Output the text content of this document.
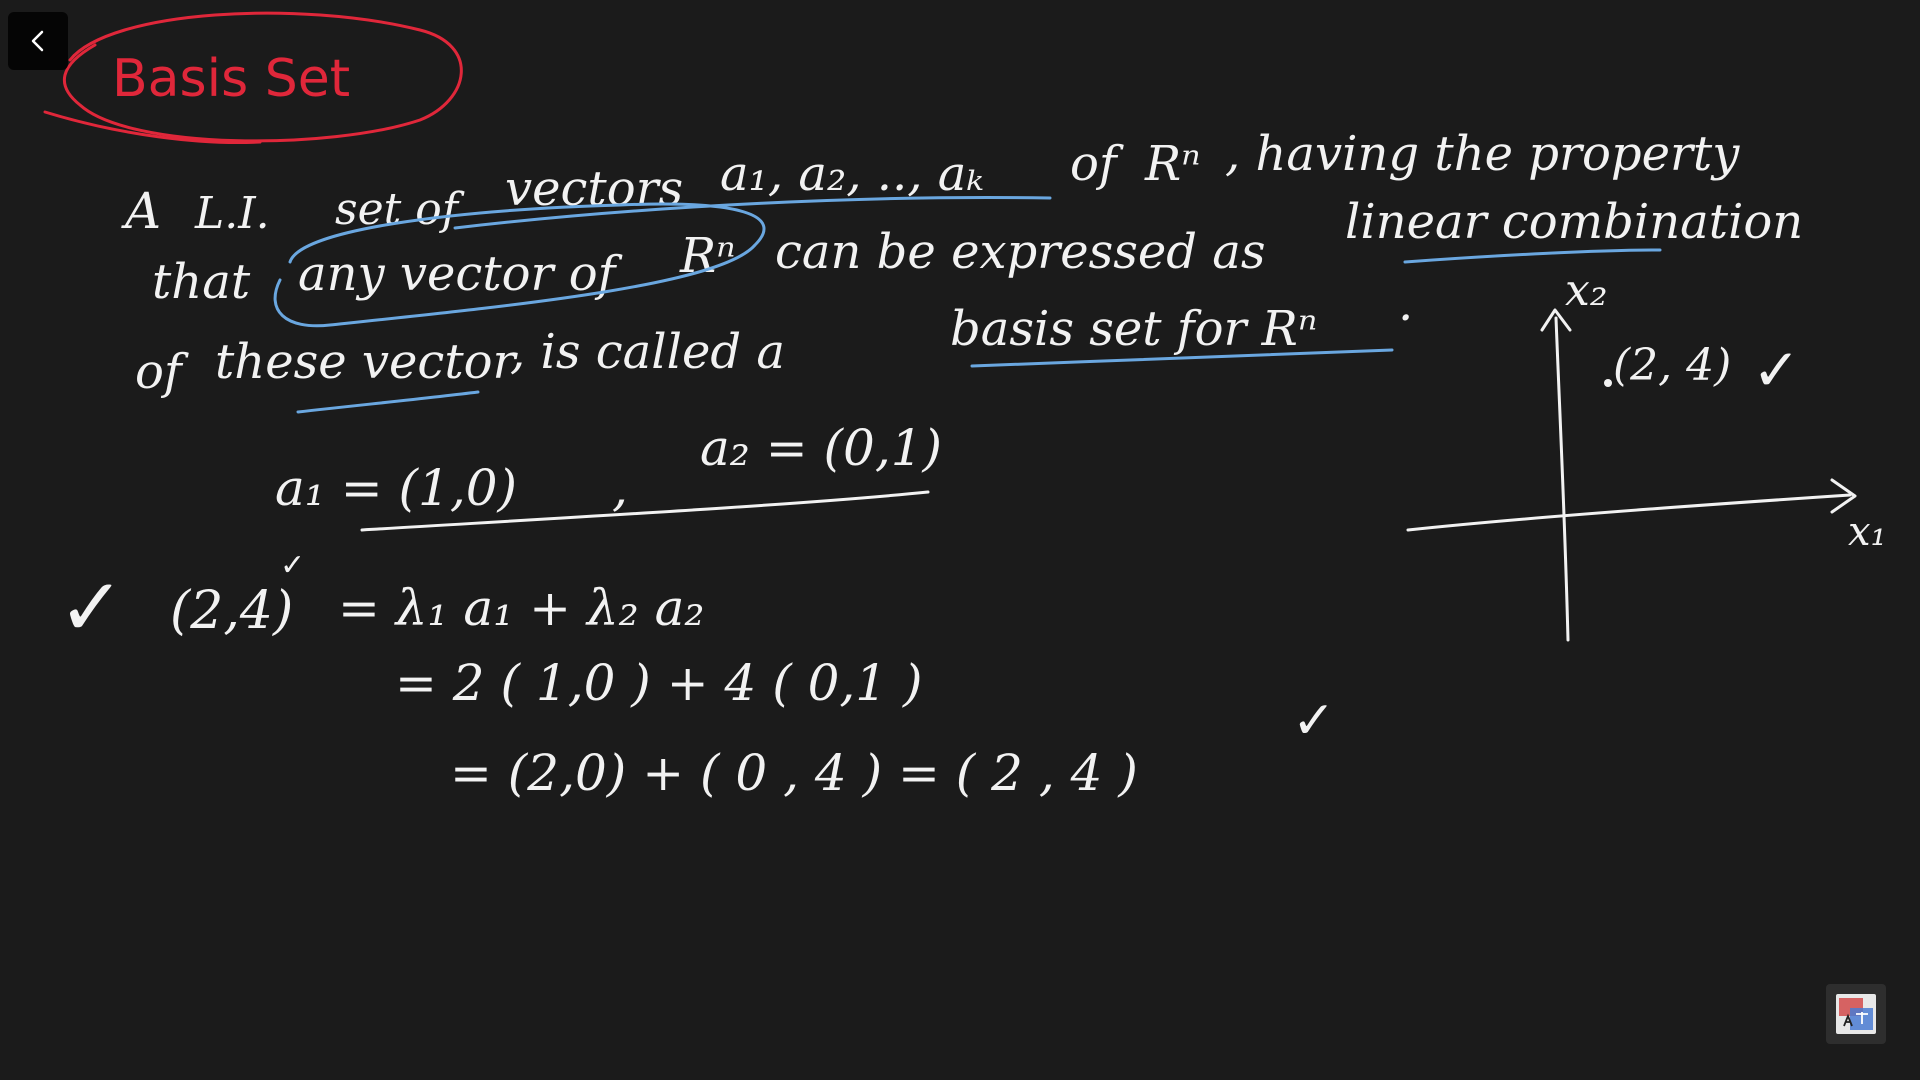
Basis Set
A L.I. set of vectors a₁, a₂, .., aₖ of Rⁿ , having the property
that any vector of Rⁿ can be expressed as
linear combination
of these vector
, is called a	basis set for Rⁿ .
a₁ = (1,0) ,
a₂ = (0,1)
✓ (2,4)
✓
= λ₁ a₁ + λ₂ a₂
= 2 ( 1,0 ) + 4 ( 0,1 )
= (2,0) + ( 0 , 4 ) = ( 2 , 4 )
✓
x₂
x₁
(2, 4) ✓
